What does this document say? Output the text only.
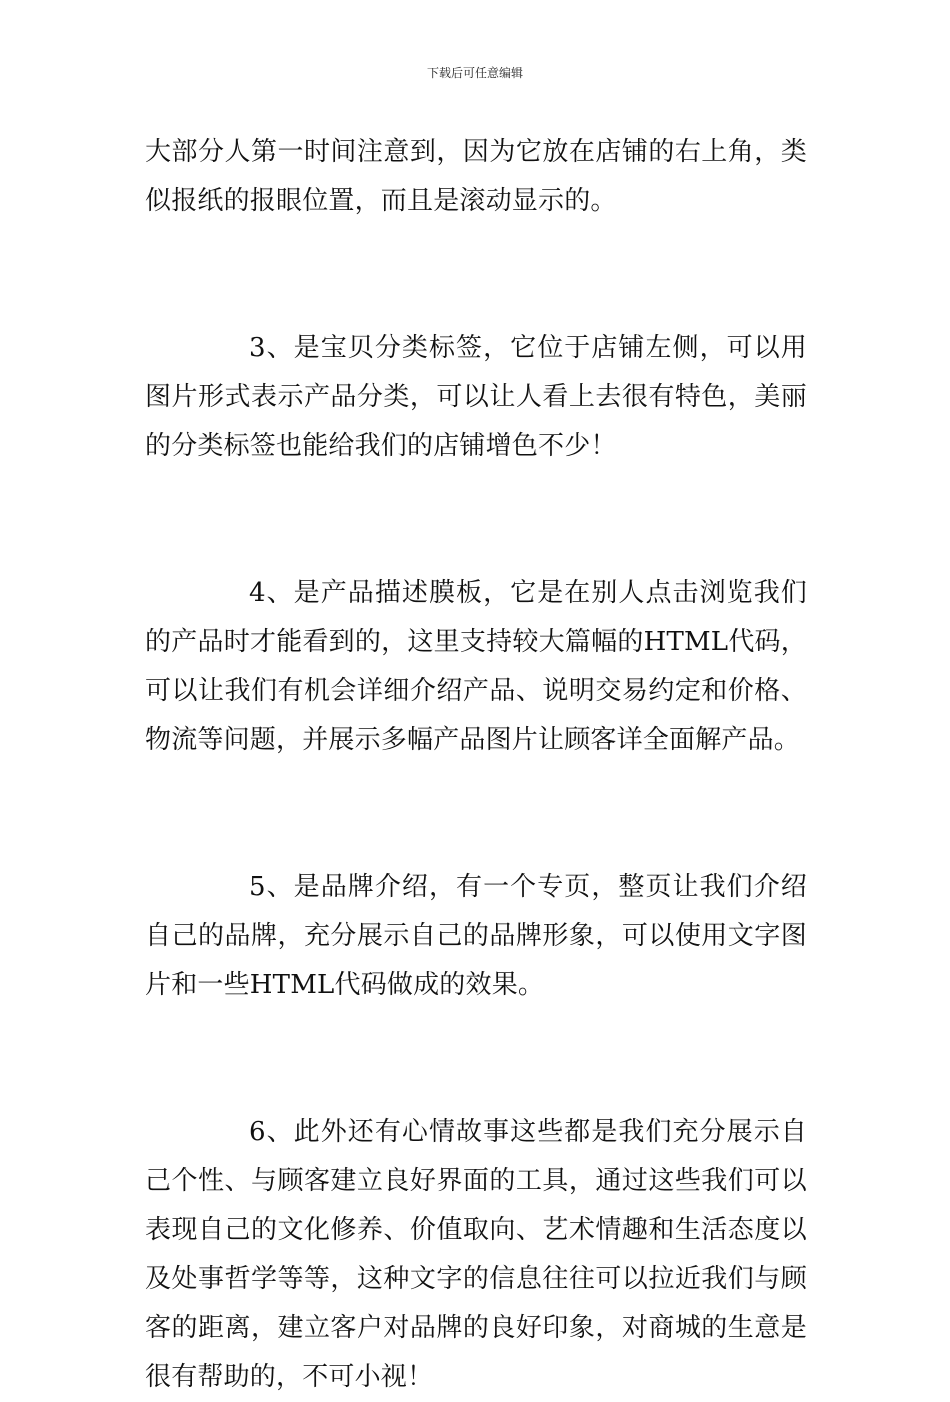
下载后可任意编辑

大部分人第一时间注意到，因为它放在店铺的右上角，类似报纸的报眼位置，而且是滚动显示的。

3、是宝贝分类标签，它位于店铺左侧，可以用图片形式表示产品分类，可以让人看上去很有特色，美丽的分类标签也能给我们的店铺增色不少！

4、是产品描述膜板，它是在别人点击浏览我们的产品时才能看到的，这里支持较大篇幅的HTML代码，可以让我们有机会详细介绍产品、说明交易约定和价格、物流等问题，并展示多幅产品图片让顾客详全面解产品。

5、是品牌介绍，有一个专页，整页让我们介绍自己的品牌，充分展示自己的品牌形象，可以使用文字图片和一些HTML代码做成的效果。

6、此外还有心情故事这些都是我们充分展示自己个性、与顾客建立良好界面的工具，通过这些我们可以表现自己的文化修养、价值取向、艺术情趣和生活态度以及处事哲学等等，这种文字的信息往往可以拉近我们与顾客的距离，建立客户对品牌的良好印象，对商城的生意是很有帮助的，不可小视！
